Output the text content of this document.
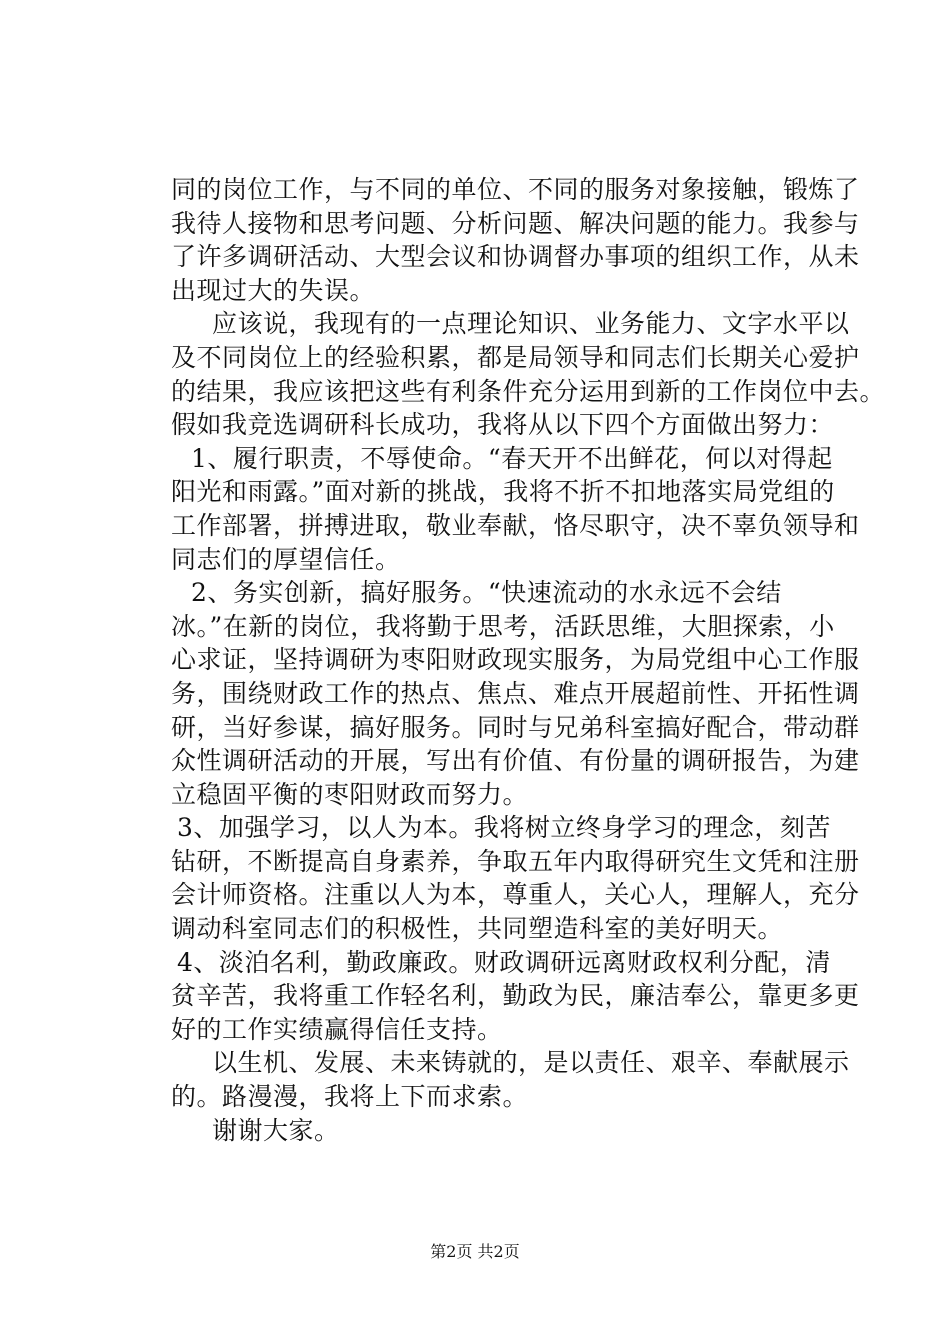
同的岗位工作，与不同的单位、不同的服务对象接触，锻炼了
我待人接物和思考问题、分析问题、解决问题的能力。我参与
了许多调研活动、大型会议和协调督办事项的组织工作，从未
出现过大的失误。
应该说，我现有的一点理论知识、业务能力、文字水平以
及不同岗位上的经验积累，都是局领导和同志们长期关心爱护
的结果，我应该把这些有利条件充分运用到新的工作岗位中去。
假如我竞选调研科长成功，我将从以下四个方面做出努力：
1、履行职责，不辱使命。“春天开不出鲜花，何以对得起
阳光和雨露。”面对新的挑战，我将不折不扣地落实局党组的
工作部署，拼搏进取，敬业奉献，恪尽职守，决不辜负领导和
同志们的厚望信任。
2、务实创新，搞好服务。“快速流动的水永远不会结
冰。”在新的岗位，我将勤于思考，活跃思维，大胆探索，小
心求证，坚持调研为枣阳财政现实服务，为局党组中心工作服
务，围绕财政工作的热点、焦点、难点开展超前性、开拓性调
研，当好参谋，搞好服务。同时与兄弟科室搞好配合，带动群
众性调研活动的开展，写出有价值、有份量的调研报告，为建
立稳固平衡的枣阳财政而努力。
3、加强学习，以人为本。我将树立终身学习的理念，刻苦
钻研，不断提高自身素养，争取五年内取得研究生文凭和注册
会计师资格。注重以人为本，尊重人，关心人，理解人，充分
调动科室同志们的积极性，共同塑造科室的美好明天。
4、淡泊名利，勤政廉政。财政调研远离财政权利分配，清
贫辛苦，我将重工作轻名利，勤政为民，廉洁奉公，靠更多更
好的工作实绩赢得信任支持。
以生机、发展、未来铸就的，是以责任、艰辛、奉献展示
的。路漫漫，我将上下而求索。
谢谢大家。
第2页 共2页
